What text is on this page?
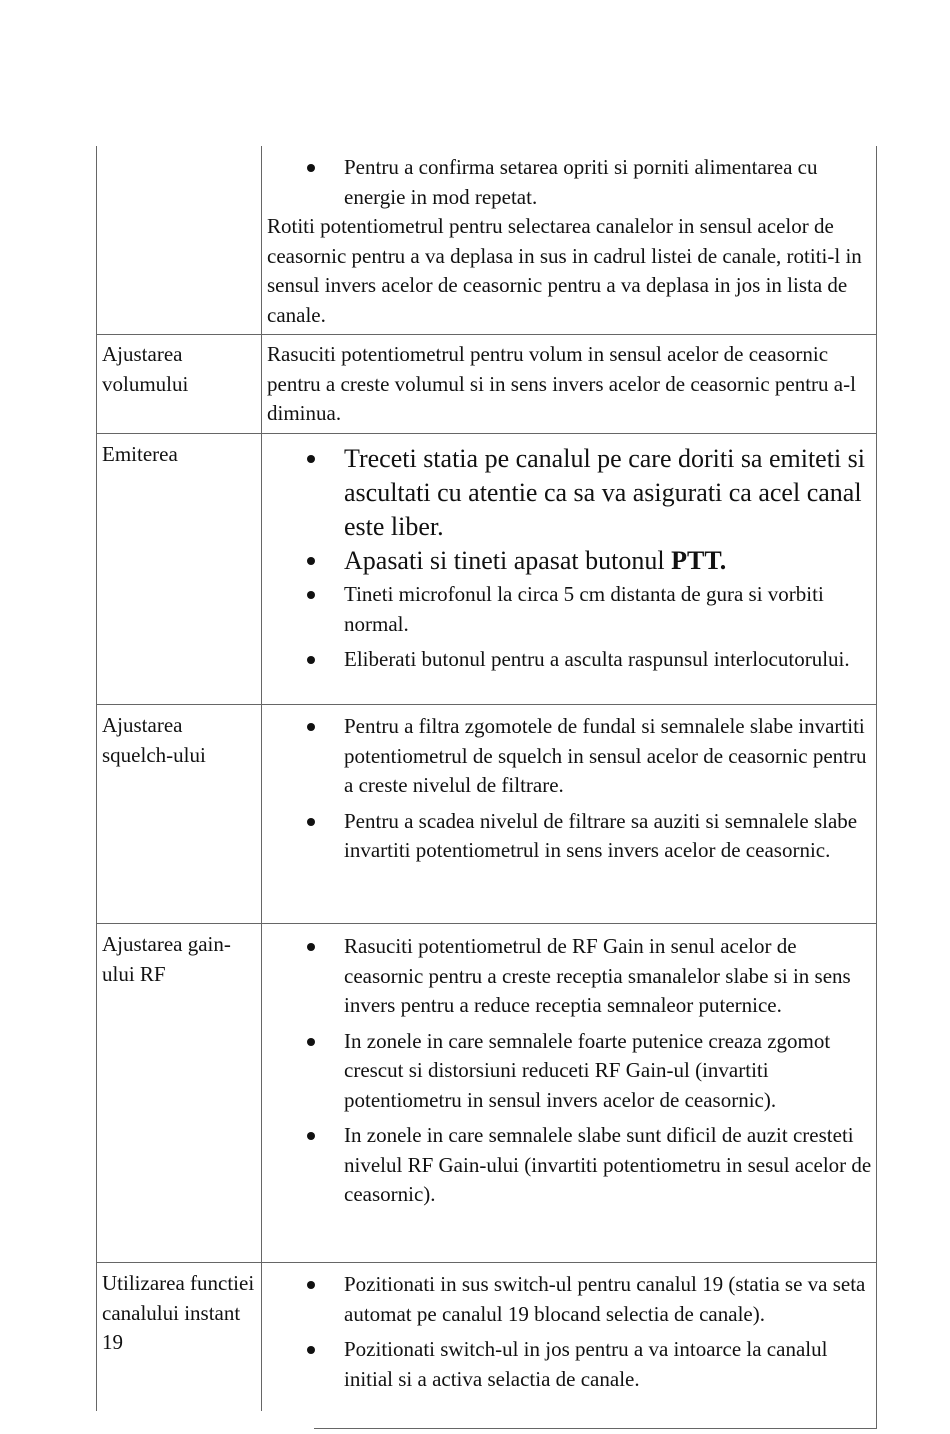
Pentru a confirma setarea opriti si porniti alimentarea cu energie in mod repetat.
Rotiti potentiometrul pentru selectarea canalelor in sensul acelor de ceasornic pentru a va deplasa in sus in cadrul listei de canale, rotiti-l in sensul invers acelor de ceasornic pentru a va deplasa in jos in lista de canale.
Ajustarea volumului
Rasuciti potentiometrul pentru volum in sensul acelor de ceasornic pentru a creste volumul si in sens invers acelor de ceasornic pentru a-l diminua.
Emiterea	Treceti statia pe canalul pe care doriti sa emiteti si ascultati cu atentie ca sa va asigurati ca acel canal este liber.
Apasati si tineti apasat butonul PTT.
Tineti microfonul la circa 5 cm distanta de gura si vorbiti normal.
Eliberati butonul pentru a asculta raspunsul interlocutorului.
Ajustarea squelch-ului
Pentru a filtra zgomotele de fundal si semnalele slabe invartiti potentiometrul de squelch in sensul acelor de ceasornic pentru a creste nivelul de filtrare.
Pentru a scadea nivelul de filtrare sa auziti si semnalele slabe invartiti potentiometrul in sens invers acelor de ceasornic.
Ajustarea gain-ului RF
Rasuciti potentiometrul de RF Gain in senul acelor de ceasornic pentru a creste receptia smanalelor slabe si in sens invers pentru a reduce receptia semnaleor puternice.
In zonele in care semnalele foarte putenice creaza zgomot crescut si distorsiuni reduceti RF Gain-ul (invartiti potentiometru in sensul invers acelor de ceasornic).
In zonele in care semnalele slabe sunt dificil de auzit cresteti nivelul RF Gain-ului (invartiti potentiometru in sesul acelor de ceasornic).
Utilizarea functiei canalului instant 19
Pozitionati in sus switch-ul pentru canalul 19 (statia se va seta automat pe canalul 19 blocand selectia de canale).
Pozitionati switch-ul in jos pentru a va intoarce la canalul initial si a activa selactia de canale.
